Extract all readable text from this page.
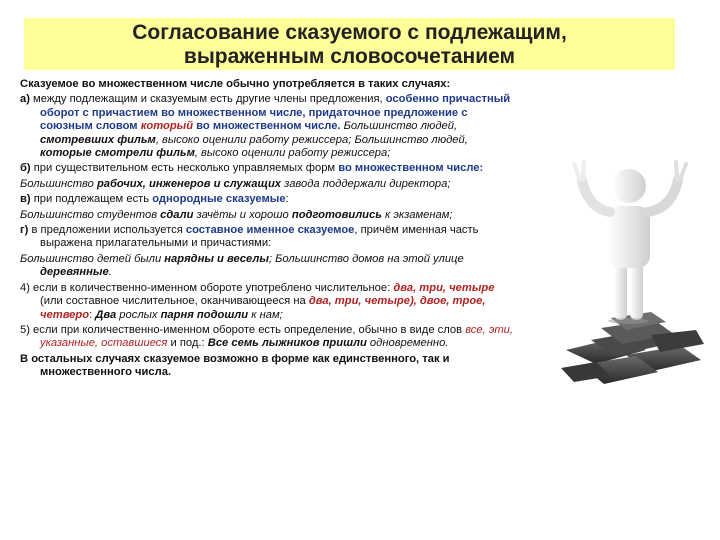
Согласование сказуемого с подлежащим,
выраженным словосочетанием

Сказуемое во множественном числе обычно употребляется в таких случаях:

а) между подлежащим и сказуемым есть другие члены предложения, особенно причастный оборот с причастием во множественном числе, придаточное предложение с союзным словом который во множественном числе. Большинство людей, смотревших фильм, высоко оценили работу режиссера; Большинство людей, которые смотрели фильм, высоко оценили работу режиссера;

б) при существительном есть несколько управляемых форм во множественном числе:

Большинство рабочих, инженеров и служащих завода поддержали директора;

в) при подлежащем есть однородные сказуемые:

Большинство студентов сдали зачёты и хорошо подготовились к экзаменам;

г) в предложении используется составное именное сказуемое, причём именная часть выражена прилагательными и причастиями:

Большинство детей были нарядны и веселы; Большинство домов на этой улице деревянные.

4) если в количественно-именном обороте употреблено числительное: два, три, четыре (или составное числительное, оканчивающееся на два, три, четыре), двое, трое, четверо: Два рослых парня подошли к нам;

5) если при количественно-именном обороте есть определение, обычно в виде слов все, эти, указанные, оставшиеся и под.: Все семь лыжников пришли одновременно.

В остальных случаях сказуемое возможно в форме как единственного, так и множественного числа.
